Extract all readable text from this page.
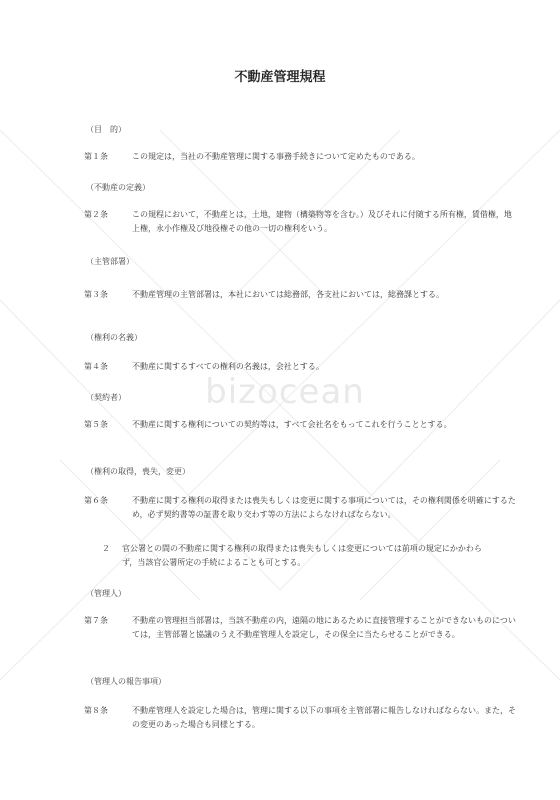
bizocean
不動産管理規程
（目　的）
第１条	この規定は，当社の不動産管理に関する事務手続きについて定めたものである。
（不動産の定義）
第２条	この規程において，不動産とは，土地，建物（構築物等を含む。）及びそれに付随する所有権，賃借権，地上権，永小作権及び地役権その他の一切の権利をいう。
（主管部署）
第３条	不動産管理の主管部署は，本社においては総務部，各支社においては，総務課とする。
（権利の名義）
第４条	不動産に関するすべての権利の名義は，会社とする。
（契約者）
第５条	不動産に関する権利についての契約等は，すべて会社名をもってこれを行うこととする。
（権利の取得，喪失，変更）
第６条	不動産に関する権利の取得または喪失もしくは変更に関する事項については，その権利関係を明確にするため，必ず契約書等の証書を取り交わす等の方法によらなければならない。
２	官公署との間の不動産に関する権利の取得または喪失もしくは変更については前項の規定にかかわらず，当該官公署所定の手続によることも可とする。
（管理人）
第７条	不動産の管理担当部署は，当該不動産の内，遠隔の地にあるために直接管理することができないものについては，主管部署と協議のうえ不動産管理人を設定し，その保全に当たらせることができる。
（管理人の報告事項）
第８条	不動産管理人を設定した場合は，管理に関する以下の事項を主管部署に報告しなければならない。また，その変更のあった場合も同様とする。
